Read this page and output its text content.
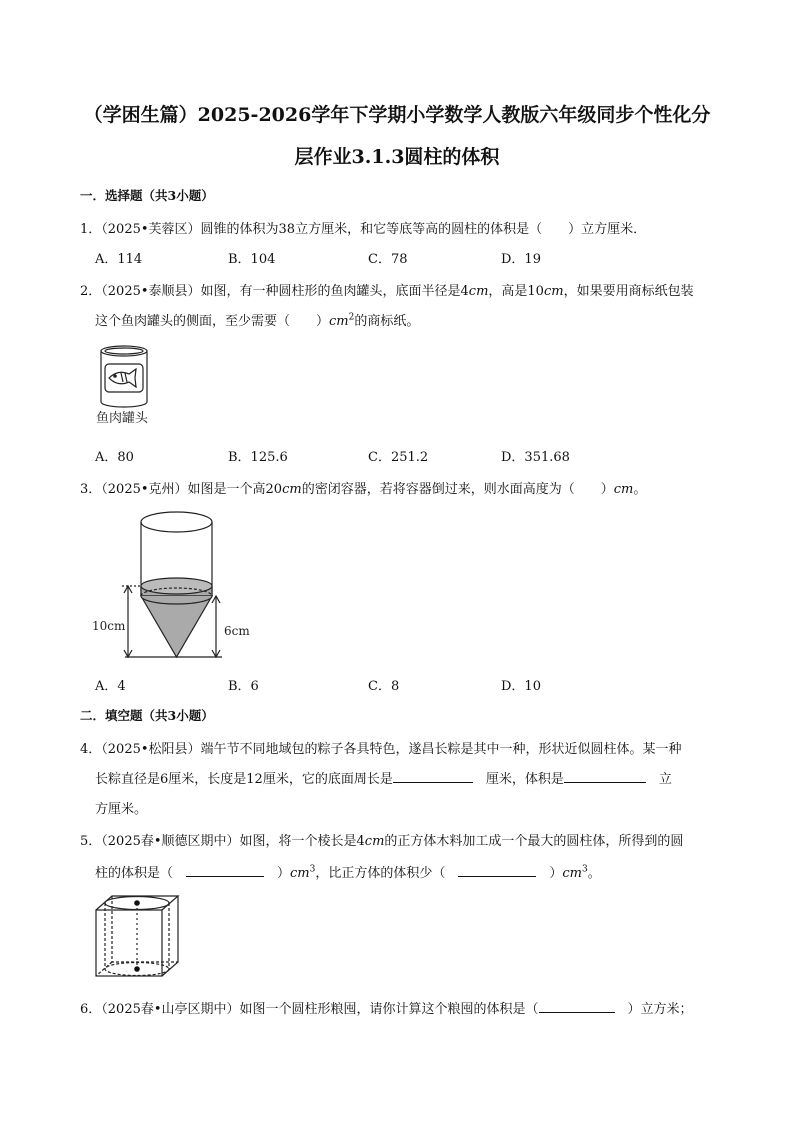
（学困生篇）2025-2026学年下学期小学数学人教版六年级同步个性化分
层作业3.1.3圆柱的体积
一．选择题（共3小题）
1．（2025•芙蓉区）圆锥的体积为38立方厘米，和它等底等高的圆柱的体积是（　　）立方厘米．
A．114	B．104	C．78	D．19
2．（2025•泰顺县）如图，有一种圆柱形的鱼肉罐头，底面半径是4cm，高是10cm，如果要用商标纸包装
这个鱼肉罐头的侧面，至少需要（　　）$cm^2$的商标纸。
鱼肉罐头
A．80	B．125.6	C．251.2	D．351.68
3．（2025•克州）如图是一个高20cm的密闭容器，若将容器倒过来，则水面高度为（　　）cm。
10cm	6cm
A．4	B．6	C．8	D．10
二．填空题（共3小题）
4．（2025•松阳县）端午节不同地域包的粽子各具特色，遂昌长粽是其中一种，形状近似圆柱体。某一种
长粽直径是6厘米，长度是12厘米，它的底面周长是 	厘米，体积是 	立
方厘米。
5．（2025春•顺德区期中）如图，将一个棱长是4cm的正方体木料加工成一个最大的圆柱体，所得到的圆
柱的体积是（  	）$cm^3$，比正方体的体积少（  	）$cm^3$。
6．（2025春•山亭区期中）如图一个圆柱形粮囤，请你计算这个粮囤的体积是（ 	）立方米；
